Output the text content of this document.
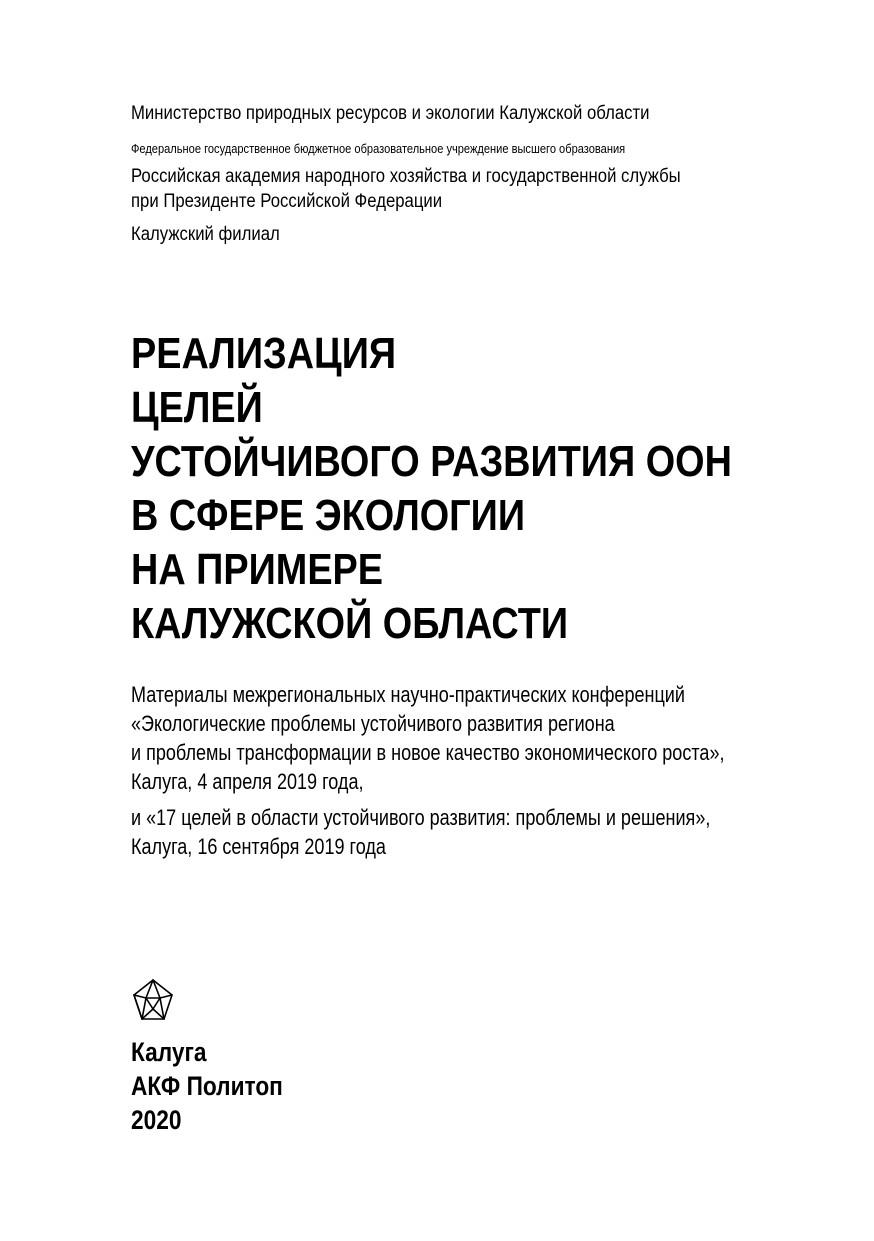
Министерство природных ресурсов и экологии Калужской области
Федеральное государственное бюджетное образовательное учреждение высшего образования
Российская академия народного хозяйства и государственной службы
при Президенте Российской Федерации
Калужский филиал
РЕАЛИЗАЦИЯ
ЦЕЛЕЙ
УСТОЙЧИВОГО РАЗВИТИЯ ООН
В СФЕРЕ ЭКОЛОГИИ
НА ПРИМЕРЕ
КАЛУЖСКОЙ ОБЛАСТИ
Материалы межрегиональных научно-практических конференций
«Экологические проблемы устойчивого развития региона
и проблемы трансформации в новое качество экономического роста»,
Калуга, 4 апреля 2019 года,
и «17 целей в области устойчивого развития: проблемы и решения»,
Калуга, 16 сентября 2019 года
Калуга
АКФ Политоп
2020
